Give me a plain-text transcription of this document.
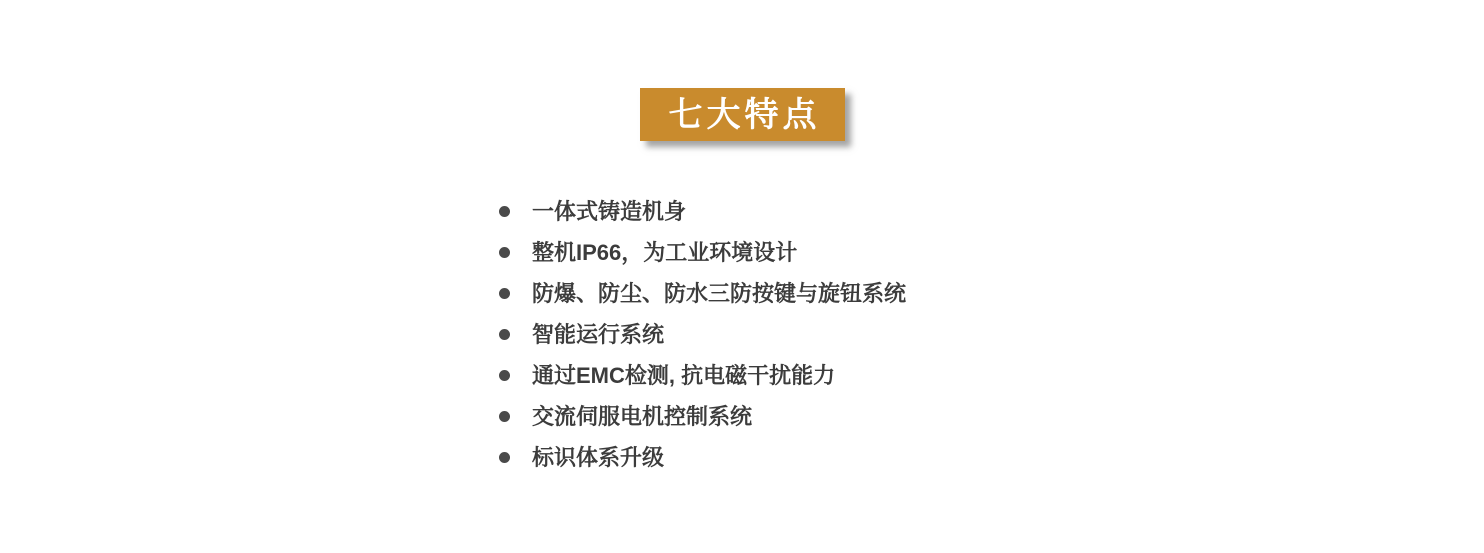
七大特点
一体式铸造机身
整机IP66，为工业环境设计
防爆、防尘、防水三防按键与旋钮系统
智能运行系统
通过EMC检测, 抗电磁干扰能力
交流伺服电机控制系统
标识体系升级
